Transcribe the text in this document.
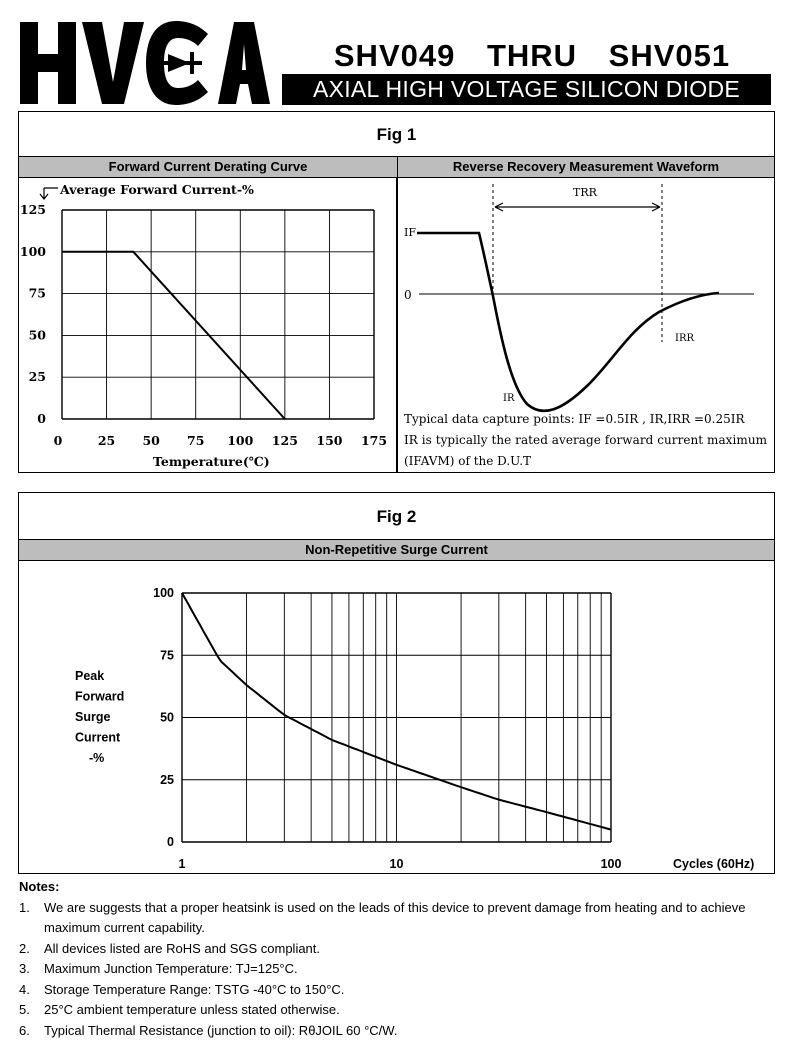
SHV049 THRU SHV051
AXIAL HIGH VOLTAGE SILICON DIODE
Fig 1
Forward Current Derating Curve	Reverse Recovery Measurement Waveform
125
100
75
50
25
0
0	25 50 75 100 125 150 175
Average Forward Current-%
Temperature(℃)
TRR
IF
0
IRR
IR
Typical data capture points: IF =0.5IR , IR,IRR =0.25IR
IR is typically the rated average forward current maximum
(IFAVM) of the D.U.T
Fig 2
Non-Repetitive Surge Current
100
75
50
25
0
1	10	100
Peak
Forward
Surge
Current
-%
Cycles (60Hz)
Notes:
1. We are suggests that a proper heatsink is used on the leads of this device to prevent damage from heating and to achieve maximum current capability.
2. All devices listed are RoHS and SGS compliant.
3. Maximum Junction Temperature: TJ=125°C.
4. Storage Temperature Range: TSTG -40°C to 150°C.
5. 25°C ambient temperature unless stated otherwise.
6. Typical Thermal Resistance (junction to oil): RθJOIL 60 °C/W.
